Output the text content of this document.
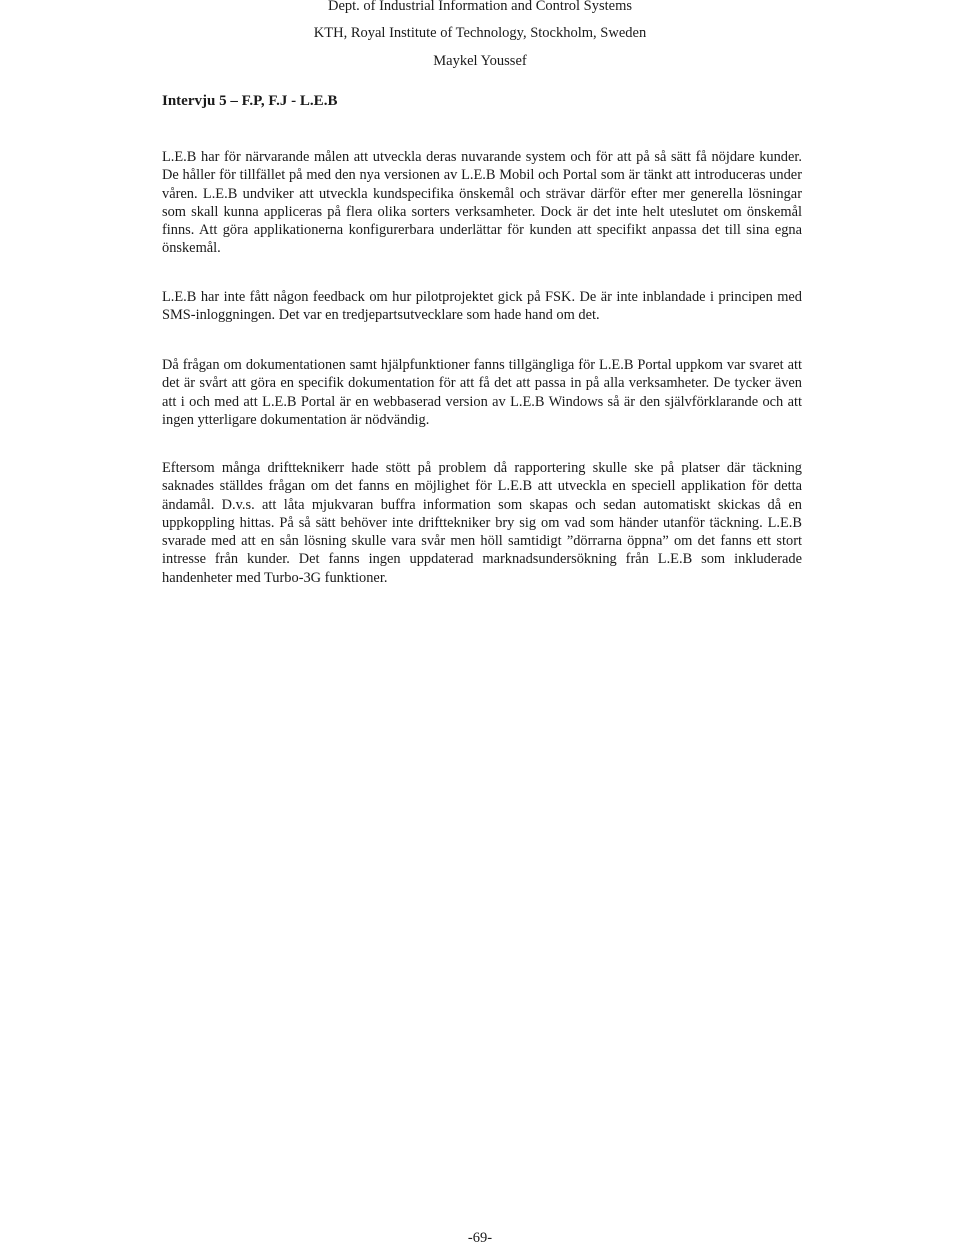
Dept. of Industrial Information and Control Systems
KTH, Royal Institute of Technology, Stockholm, Sweden
Maykel Youssef
Intervju 5 – F.P, F.J - L.E.B

L.E.B har för närvarande målen att utveckla deras nuvarande system och för att på så sätt få nöjdare kunder. De håller för tillfället på med den nya versionen av L.E.B Mobil och Portal som är tänkt att introduceras under våren. L.E.B undviker att utveckla kundspecifika önskemål och strävar därför efter mer generella lösningar som skall kunna appliceras på flera olika sorters verksamheter. Dock är det inte helt uteslutet om önskemål finns. Att göra applikationerna konfigurerbara underlättar för kunden att specifikt anpassa det till sina egna önskemål.

L.E.B har inte fått någon feedback om hur pilotprojektet gick på FSK. De är inte inblandade i principen med SMS-inloggningen. Det var en tredjepartsutvecklare som hade hand om det.

Då frågan om dokumentationen samt hjälpfunktioner fanns tillgängliga för L.E.B Portal uppkom var svaret att det är svårt att göra en specifik dokumentation för att få det att passa in på alla verksamheter. De tycker även att i och med att L.E.B Portal är en webbaserad version av L.E.B Windows så är den självförklarande och att ingen ytterligare dokumentation är nödvändig.

Eftersom många driftteknikerr hade stött på problem då rapportering skulle ske på platser där täckning saknades ställdes frågan om det fanns en möjlighet för L.E.B att utveckla en speciell applikation för detta ändamål. D.v.s. att låta mjukvaran buffra information som skapas och sedan automatiskt skickas då en uppkoppling hittas. På så sätt behöver inte drifttekniker bry sig om vad som händer utanför täckning. L.E.B svarade med att en sån lösning skulle vara svår men höll samtidigt ”dörrarna öppna” om det fanns ett stort intresse från kunder. Det fanns ingen uppdaterad marknadsundersökning från L.E.B som inkluderade handenheter med Turbo-3G funktioner.

-69-
